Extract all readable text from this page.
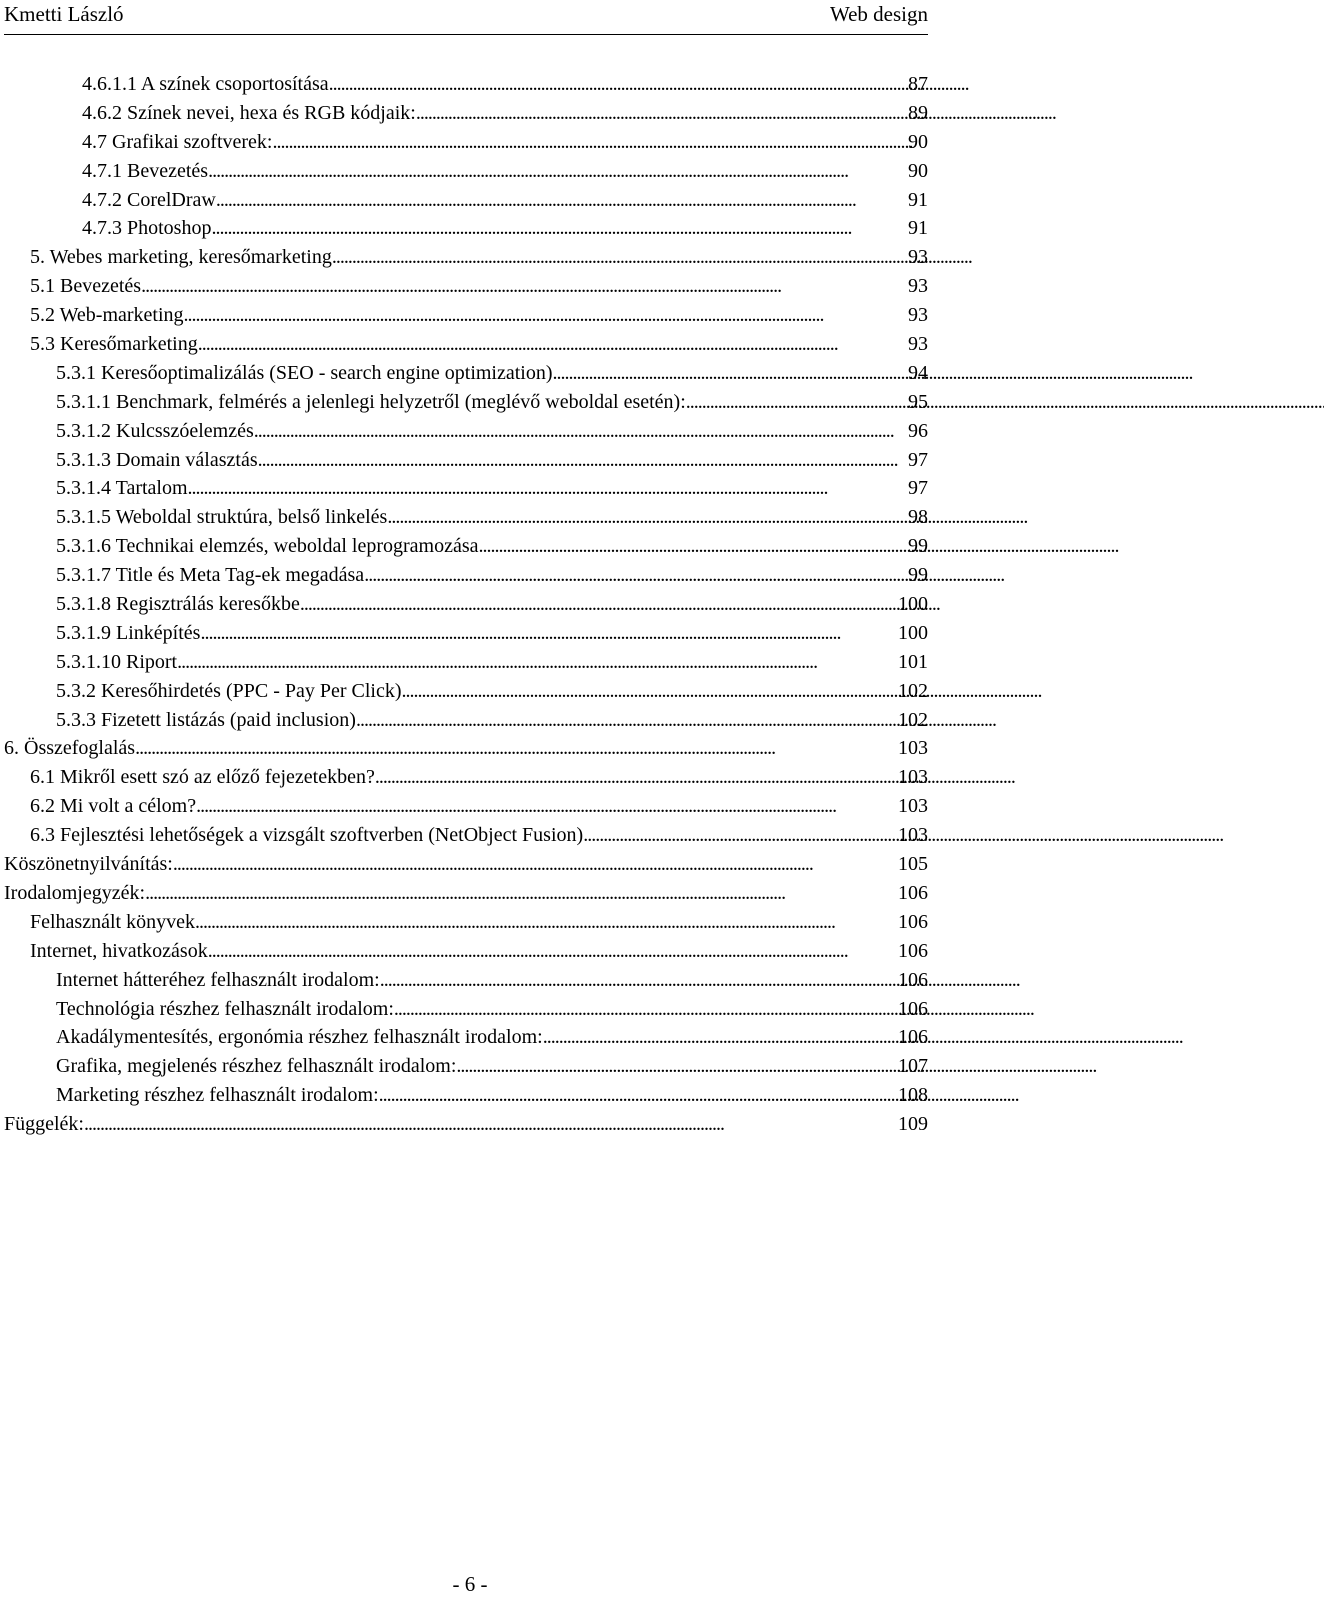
Kmetti László	Web design
4.6.1.1 A színek csoportosítása . . .	87
4.6.2 Színek nevei, hexa és RGB kódjaik: . . .	89
4.7 Grafikai szoftverek: . . .	90
4.7.1 Bevezetés . . .	90
4.7.2 CorelDraw . . .	91
4.7.3 Photoshop . . .	91
5. Webes marketing, keresőmarketing . . .	93
5.1 Bevezetés . . .	93
5.2 Web-marketing . . .	93
5.3 Keresőmarketing . . .	93
5.3.1 Keresőoptimalizálás (SEO - search engine optimization) . . .	94
5.3.1.1 Benchmark, felmérés a jelenlegi helyzetről (meglévő weboldal esetén): . . .	95
5.3.1.2 Kulcsszóelemzés . . .	96
5.3.1.3 Domain választás . . .	97
5.3.1.4 Tartalom . . .	97
5.3.1.5 Weboldal struktúra, belső linkelés . . .	98
5.3.1.6 Technikai elemzés, weboldal leprogramozása . . .	99
5.3.1.7 Title és Meta Tag-ek megadása . . .	99
5.3.1.8 Regisztrálás keresőkbe . . .	100
5.3.1.9 Linképítés . . .	100
5.3.1.10 Riport . . .	101
5.3.2 Keresőhirdetés (PPC - Pay Per Click) . . .	102
5.3.3 Fizetett listázás (paid inclusion) . . .	102
6. Összefoglalás . . .	103
6.1 Mikről esett szó az előző fejezetekben? . . .	103
6.2 Mi volt a célom? . . .	103
6.3 Fejlesztési lehetőségek a vizsgált szoftverben (NetObject Fusion) . . .	103
Köszönetnyilvánítás: . . .	105
Irodalomjegyzék: . . .	106
Felhasznált könyvek . . .	106
Internet, hivatkozások . . .	106
Internet hátteréhez felhasznált irodalom: . . .	106
Technológia részhez felhasznált irodalom: . . .	106
Akadálymentesítés, ergonómia részhez felhasznált irodalom: . . .	106
Grafika, megjelenés részhez felhasznált irodalom: . . .	107
Marketing részhez felhasznált irodalom: . . .	108
Függelék: . . .	109
- 6 -
